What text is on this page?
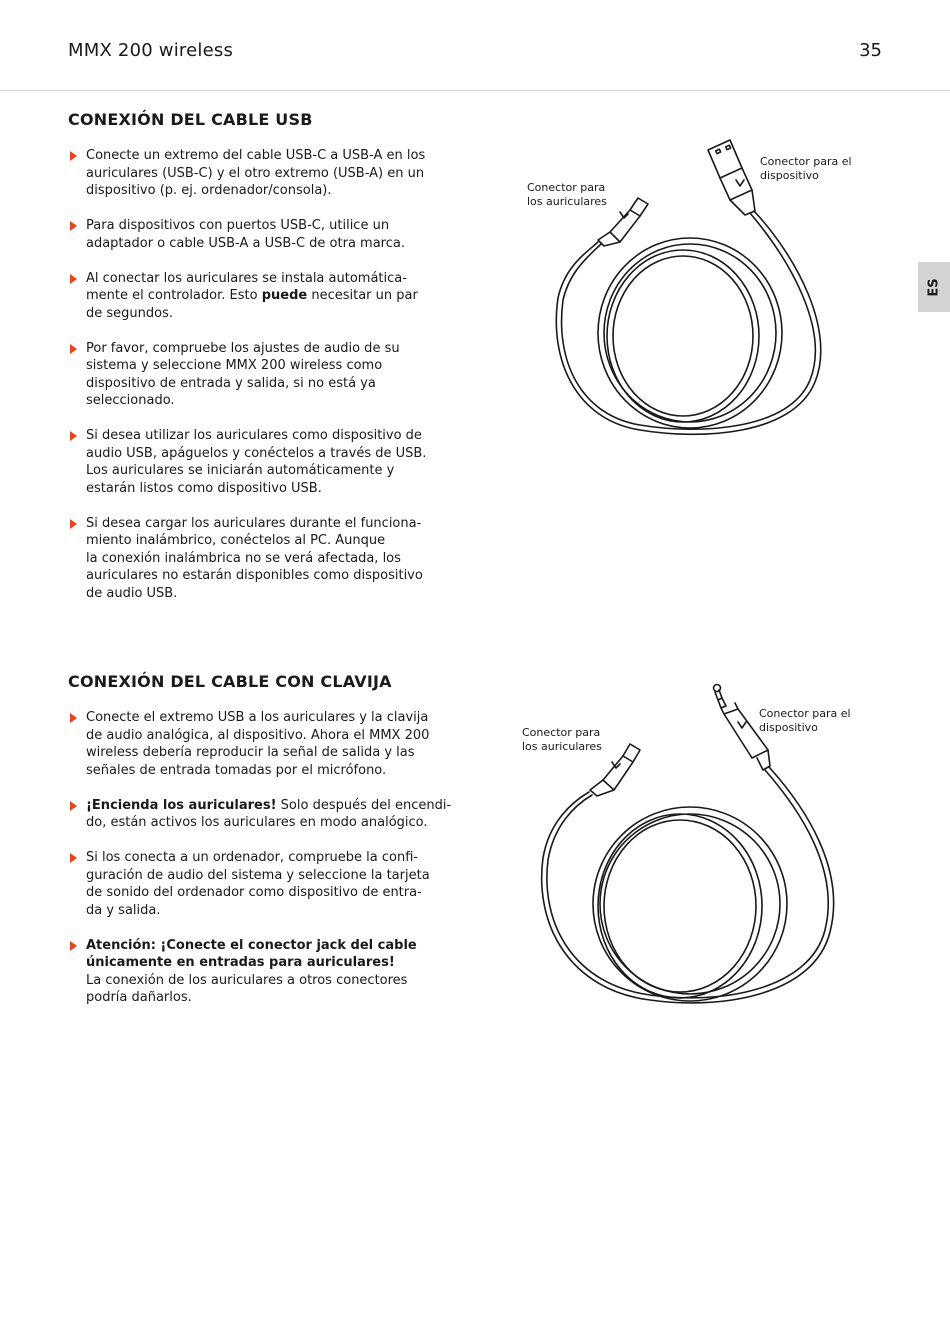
MMX 200 wireless	35
ES
CONEXIÓN DEL CABLE USB
Conecte un extremo del cable USB-C a USB-A en los
auriculares (USB-C) y el otro extremo (USB-A) en un
dispositivo (p. ej. ordenador/consola).
Para dispositivos con puertos USB-C, utilice un
adaptador o cable USB-A a USB-C de otra marca.
Al conectar los auriculares se instala automática-
mente el controlador. Esto puede necesitar un par
de segundos.
Por favor, compruebe los ajustes de audio de su
sistema y seleccione MMX 200 wireless como
dispositivo de entrada y salida, si no está ya
seleccionado.
Si desea utilizar los auriculares como dispositivo de
audio USB, apáguelos y conéctelos a través de USB.
Los auriculares se iniciarán automáticamente y
estarán listos como dispositivo USB.
Si desea cargar los auriculares durante el funciona-
miento inalámbrico, conéctelos al PC. Aunque
la conexión inalámbrica no se verá afectada, los
auriculares no estarán disponibles como dispositivo
de audio USB.
Conector para
los auriculares
Conector para el
dispositivo
CONEXIÓN DEL CABLE CON CLAVIJA
Conecte el extremo USB a los auriculares y la clavija
de audio analógica, al dispositivo. Ahora el MMX 200
wireless debería reproducir la señal de salida y las
señales de entrada tomadas por el micrófono.
¡Encienda los auriculares! Solo después del encendi-
do, están activos los auriculares en modo analógico.
Si los conecta a un ordenador, compruebe la confi-
guración de audio del sistema y seleccione la tarjeta
de sonido del ordenador como dispositivo de entra-
da y salida.
Atención: ¡Conecte el conector jack del cable
únicamente en entradas para auriculares!
La conexión de los auriculares a otros conectores
podría dañarlos.
Conector para
los auriculares
Conector para el
dispositivo
